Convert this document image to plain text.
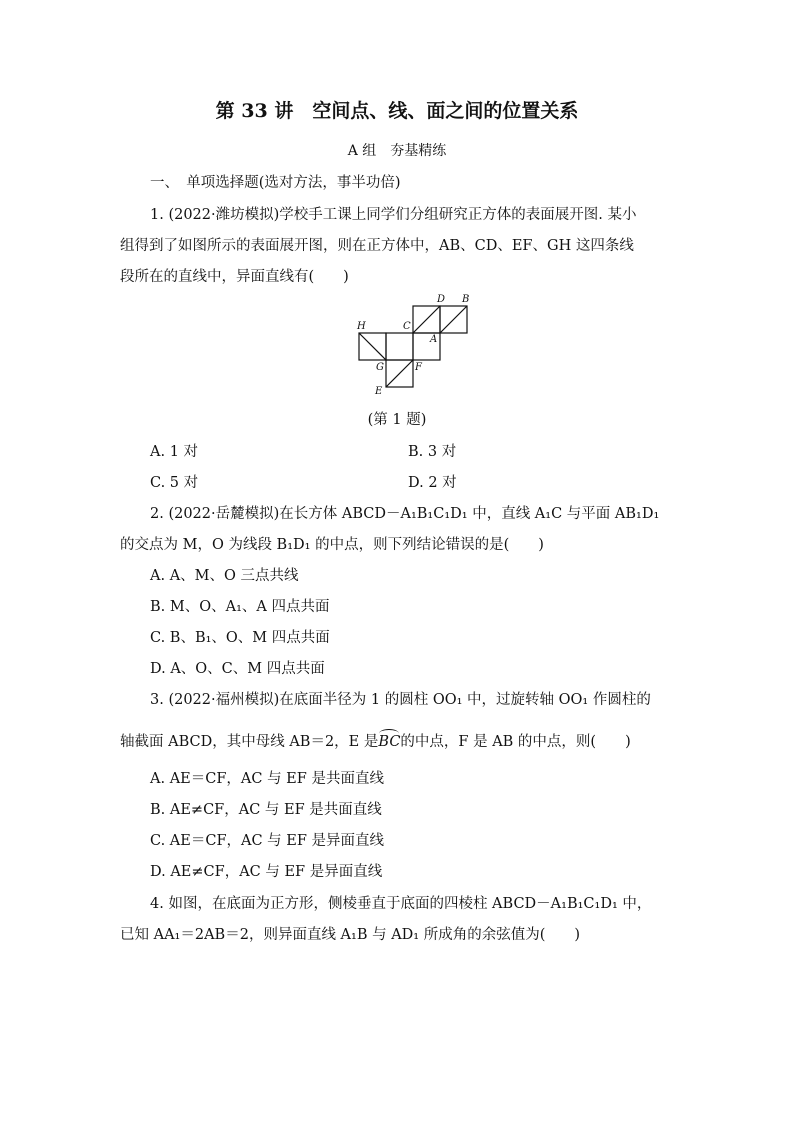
第 33 讲　空间点、线、面之间的位置关系
A 组　夯基精练
一、　单项选择题(选对方法，事半功倍)
1. (2022·潍坊模拟)学校手工课上同学们分组研究正方体的表面展开图. 某小
组得到了如图所示的表面展开图，则在正方体中，AB、CD、EF、GH 这四条线
段所在的直线中，异面直线有(　　)
D B
H	C
A
G	F
E
(第 1 题)
A. 1 对	B. 3 对
C. 5 对	D. 2 对
2. (2022·岳麓模拟)在长方体 ABCD－A₁B₁C₁D₁ 中，直线 A₁C 与平面 AB₁D₁
的交点为 M，O 为线段 B₁D₁ 的中点，则下列结论错误的是(　　)
A. A、M、O 三点共线
B. M、O、A₁、A 四点共面
C. B、B₁、O、M 四点共面
D. A、O、C、M 四点共面
3. (2022·福州模拟)在底面半径为 1 的圆柱 OO₁ 中，过旋转轴 OO₁ 作圆柱的
轴截面 ABCD，其中母线 AB＝2，E 是BC的中点，F 是 AB 的中点，则(　　)
A. AE＝CF，AC 与 EF 是共面直线
B. AE≠CF，AC 与 EF 是共面直线
C. AE＝CF，AC 与 EF 是异面直线
D. AE≠CF，AC 与 EF 是异面直线
4. 如图，在底面为正方形，侧棱垂直于底面的四棱柱 ABCD－A₁B₁C₁D₁ 中，
已知 AA₁＝2AB＝2，则异面直线 A₁B 与 AD₁ 所成角的余弦值为(　　)
